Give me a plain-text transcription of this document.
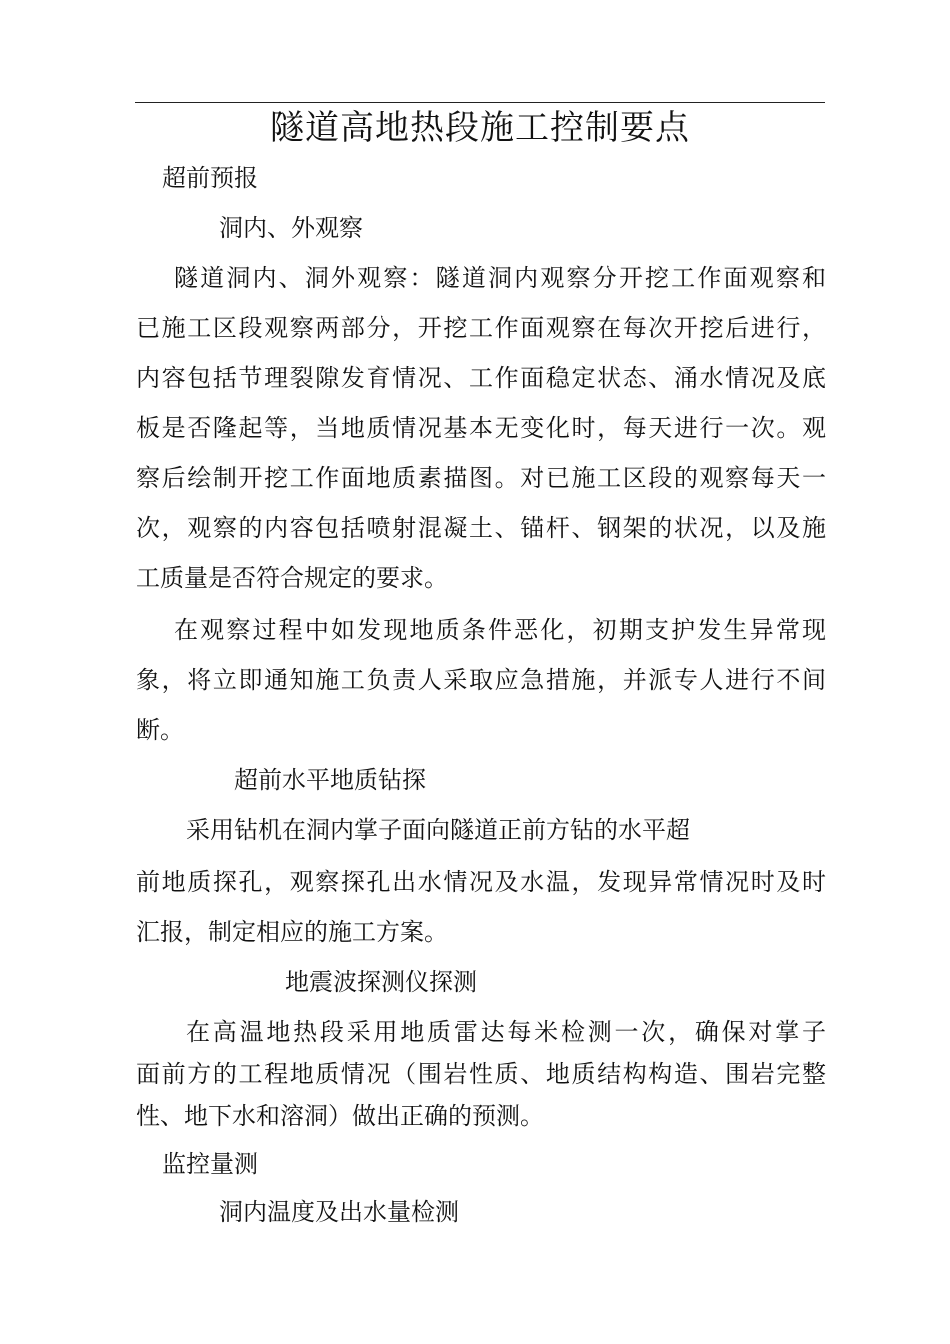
隧道高地热段施工控制要点
超前预报
洞内、外观察
隧道洞内、洞外观察：隧道洞内观察分开挖工作面观察和
已施工区段观察两部分，开挖工作面观察在每次开挖后进行，
内容包括节理裂隙发育情况、工作面稳定状态、涌水情况及底
板是否隆起等，当地质情况基本无变化时，每天进行一次。观
察后绘制开挖工作面地质素描图。对已施工区段的观察每天一
次，观察的内容包括喷射混凝土、锚杆、钢架的状况，以及施
工质量是否符合规定的要求。
在观察过程中如发现地质条件恶化，初期支护发生异常现
象，将立即通知施工负责人采取应急措施，并派专人进行不间
断。
超前水平地质钻探
采用钻机在洞内掌子面向隧道正前方钻的水平超
前地质探孔，观察探孔出水情况及水温，发现异常情况时及时
汇报，制定相应的施工方案。
地震波探测仪探测
在高温地热段采用地质雷达每米检测一次，确保对掌子
面前方的工程地质情况（围岩性质、地质结构构造、围岩完整
性、地下水和溶洞）做出正确的预测。
监控量测
洞内温度及出水量检测
